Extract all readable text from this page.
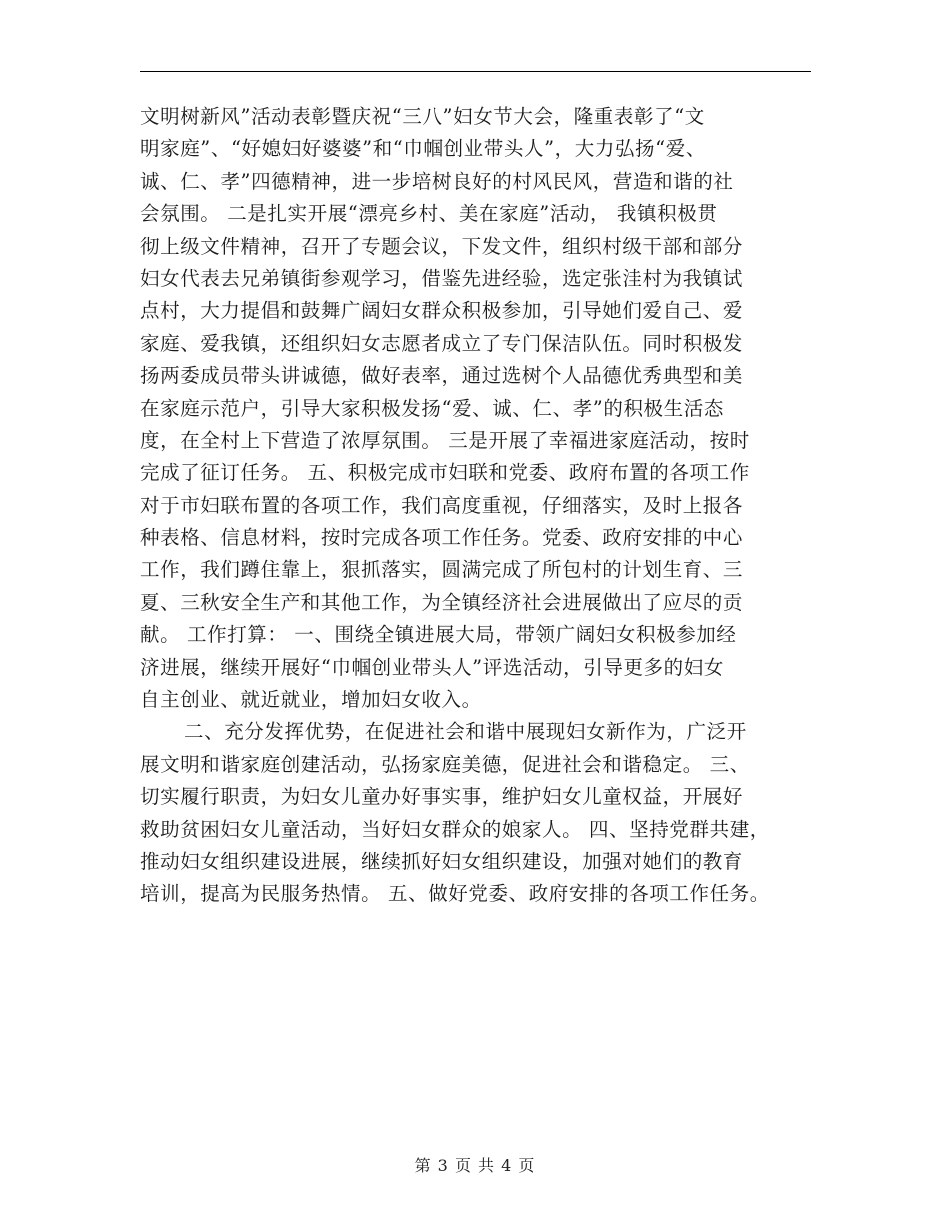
文明树新风”活动表彰暨庆祝“三八”妇女节大会，隆重表彰了“文
明家庭”、“好媳妇好婆婆”和“巾帼创业带头人”，大力弘扬“爱、
诚、仁、孝”四德精神，进一步培树良好的村风民风，营造和谐的社
会氛围。 二是扎实开展“漂亮乡村、美在家庭”活动， 我镇积极贯
彻上级文件精神，召开了专题会议，下发文件，组织村级干部和部分
妇女代表去兄弟镇街参观学习，借鉴先进经验，选定张洼村为我镇试
点村，大力提倡和鼓舞广阔妇女群众积极参加，引导她们爱自己、爱
家庭、爱我镇，还组织妇女志愿者成立了专门保洁队伍。同时积极发
扬两委成员带头讲诚德，做好表率，通过选树个人品德优秀典型和美
在家庭示范户，引导大家积极发扬“爱、诚、仁、孝”的积极生活态
度，在全村上下营造了浓厚氛围。 三是开展了幸福进家庭活动，按时
完成了征订任务。 五、积极完成市妇联和党委、政府布置的各项工作
对于市妇联布置的各项工作，我们高度重视，仔细落实，及时上报各
种表格、信息材料，按时完成各项工作任务。党委、政府安排的中心
工作，我们蹲住靠上，狠抓落实，圆满完成了所包村的计划生育、三
夏、三秋安全生产和其他工作，为全镇经济社会进展做出了应尽的贡
献。 工作打算： 一、围绕全镇进展大局，带领广阔妇女积极参加经
济进展，继续开展好“巾帼创业带头人”评选活动，引导更多的妇女
自主创业、就近就业，增加妇女收入。
二、充分发挥优势，在促进社会和谐中展现妇女新作为，广泛开
展文明和谐家庭创建活动，弘扬家庭美德，促进社会和谐稳定。 三、
切实履行职责，为妇女儿童办好事实事，维护妇女儿童权益，开展好
救助贫困妇女儿童活动，当好妇女群众的娘家人。 四、坚持党群共建，
推动妇女组织建设进展，继续抓好妇女组织建设，加强对她们的教育
培训，提高为民服务热情。 五、做好党委、政府安排的各项工作任务。
第 3 页 共 4 页
